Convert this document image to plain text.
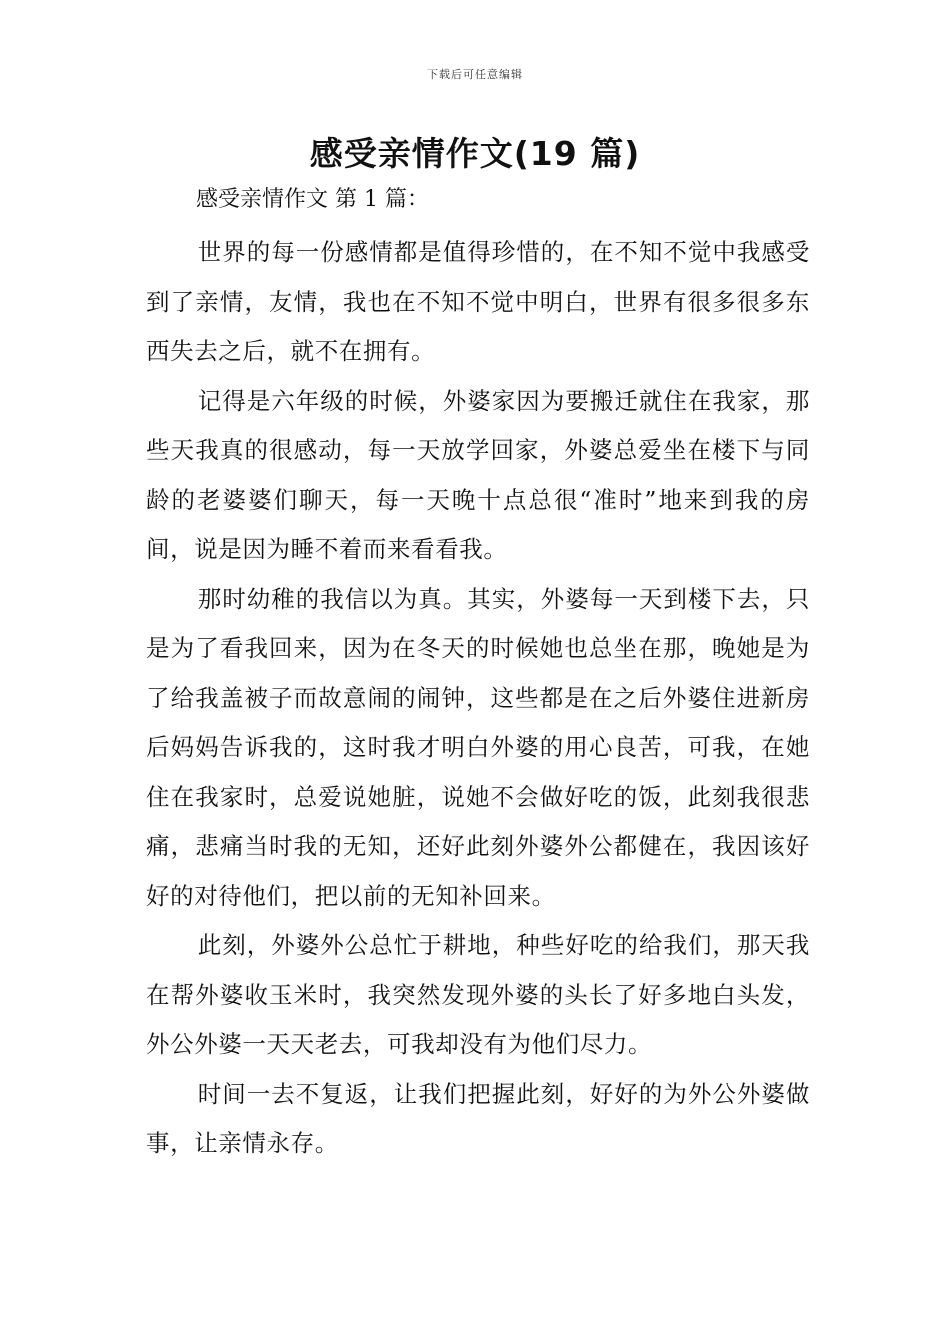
下载后可任意编辑
感受亲情作文(19 篇)
感受亲情作文 第 1 篇：

世界的每一份感情都是值得珍惜的，在不知不觉中我感受到了亲情，友情，我也在不知不觉中明白，世界有很多很多东西失去之后，就不在拥有。

记得是六年级的时候，外婆家因为要搬迁就住在我家，那些天我真的很感动，每一天放学回家，外婆总爱坐在楼下与同龄的老婆婆们聊天，每一天晚十点总很“准时”地来到我的房间，说是因为睡不着而来看看我。

那时幼稚的我信以为真。其实，外婆每一天到楼下去，只是为了看我回来，因为在冬天的时候她也总坐在那，晚她是为了给我盖被子而故意闹的闹钟，这些都是在之后外婆住进新房后妈妈告诉我的，这时我才明白外婆的用心良苦，可我，在她住在我家时，总爱说她脏，说她不会做好吃的饭，此刻我很悲痛，悲痛当时我的无知，还好此刻外婆外公都健在，我因该好好的对待他们，把以前的无知补回来。

此刻，外婆外公总忙于耕地，种些好吃的给我们，那天我在帮外婆收玉米时，我突然发现外婆的头长了好多地白头发，外公外婆一天天老去，可我却没有为他们尽力。

时间一去不复返，让我们把握此刻，好好的为外公外婆做事，让亲情永存。
